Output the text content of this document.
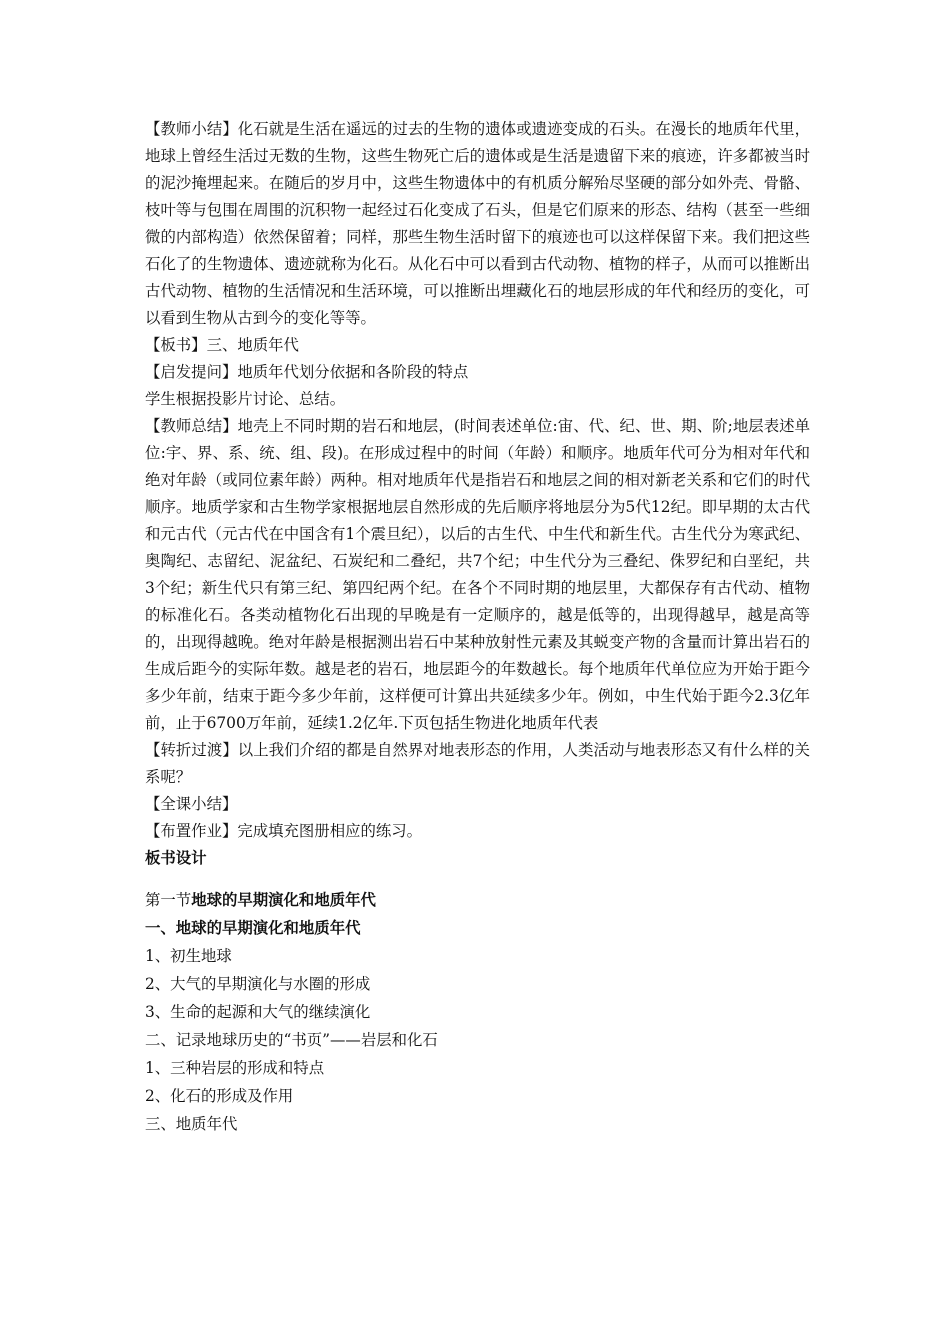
【教师小结】化石就是生活在遥远的过去的生物的遗体或遗迹变成的石头。在漫长的地质年代里，地球上曾经生活过无数的生物，这些生物死亡后的遗体或是生活是遗留下来的痕迹，许多都被当时的泥沙掩埋起来。在随后的岁月中，这些生物遗体中的有机质分解殆尽坚硬的部分如外壳、骨骼、枝叶等与包围在周围的沉积物一起经过石化变成了石头，但是它们原来的形态、结构（甚至一些细微的内部构造）依然保留着；同样，那些生物生活时留下的痕迹也可以这样保留下来。我们把这些石化了的生物遗体、遗迹就称为化石。从化石中可以看到古代动物、植物的样子，从而可以推断出古代动物、植物的生活情况和生活环境，可以推断出埋藏化石的地层形成的年代和经历的变化，可以看到生物从古到今的变化等等。

【板书】三、地质年代

【启发提问】地质年代划分依据和各阶段的特点

学生根据投影片讨论、总结。

【教师总结】地壳上不同时期的岩石和地层，(时间表述单位:宙、代、纪、世、期、阶;地层表述单位:宇、界、系、统、组、段)。在形成过程中的时间（年龄）和顺序。地质年代可分为相对年代和绝对年龄（或同位素年龄）两种。相对地质年代是指岩石和地层之间的相对新老关系和它们的时代顺序。地质学家和古生物学家根据地层自然形成的先后顺序将地层分为5代12纪。即早期的太古代和元古代（元古代在中国含有1个震旦纪），以后的古生代、中生代和新生代。古生代分为寒武纪、奥陶纪、志留纪、泥盆纪、石炭纪和二叠纪，共7个纪；中生代分为三叠纪、侏罗纪和白垩纪，共3个纪；新生代只有第三纪、第四纪两个纪。在各个不同时期的地层里，大都保存有古代动、植物的标准化石。各类动植物化石出现的早晚是有一定顺序的，越是低等的，出现得越早，越是高等的，出现得越晚。绝对年龄是根据测出岩石中某种放射性元素及其蜕变产物的含量而计算出岩石的生成后距今的实际年数。越是老的岩石，地层距今的年数越长。每个地质年代单位应为开始于距今多少年前，结束于距今多少年前，这样便可计算出共延续多少年。例如，中生代始于距今2.3亿年前，止于6700万年前，延续1.2亿年.下页包括生物进化地质年代表

【转折过渡】以上我们介绍的都是自然界对地表形态的作用，人类活动与地表形态又有什么样的关系呢？

【全课小结】

【布置作业】完成填充图册相应的练习。

板书设计

第一节地球的早期演化和地质年代

一、地球的早期演化和地质年代

1、初生地球

2、大气的早期演化与水圈的形成

3、生命的起源和大气的继续演化

二、记录地球历史的“书页”——岩层和化石

1、三种岩层的形成和特点

2、化石的形成及作用

三、地质年代
